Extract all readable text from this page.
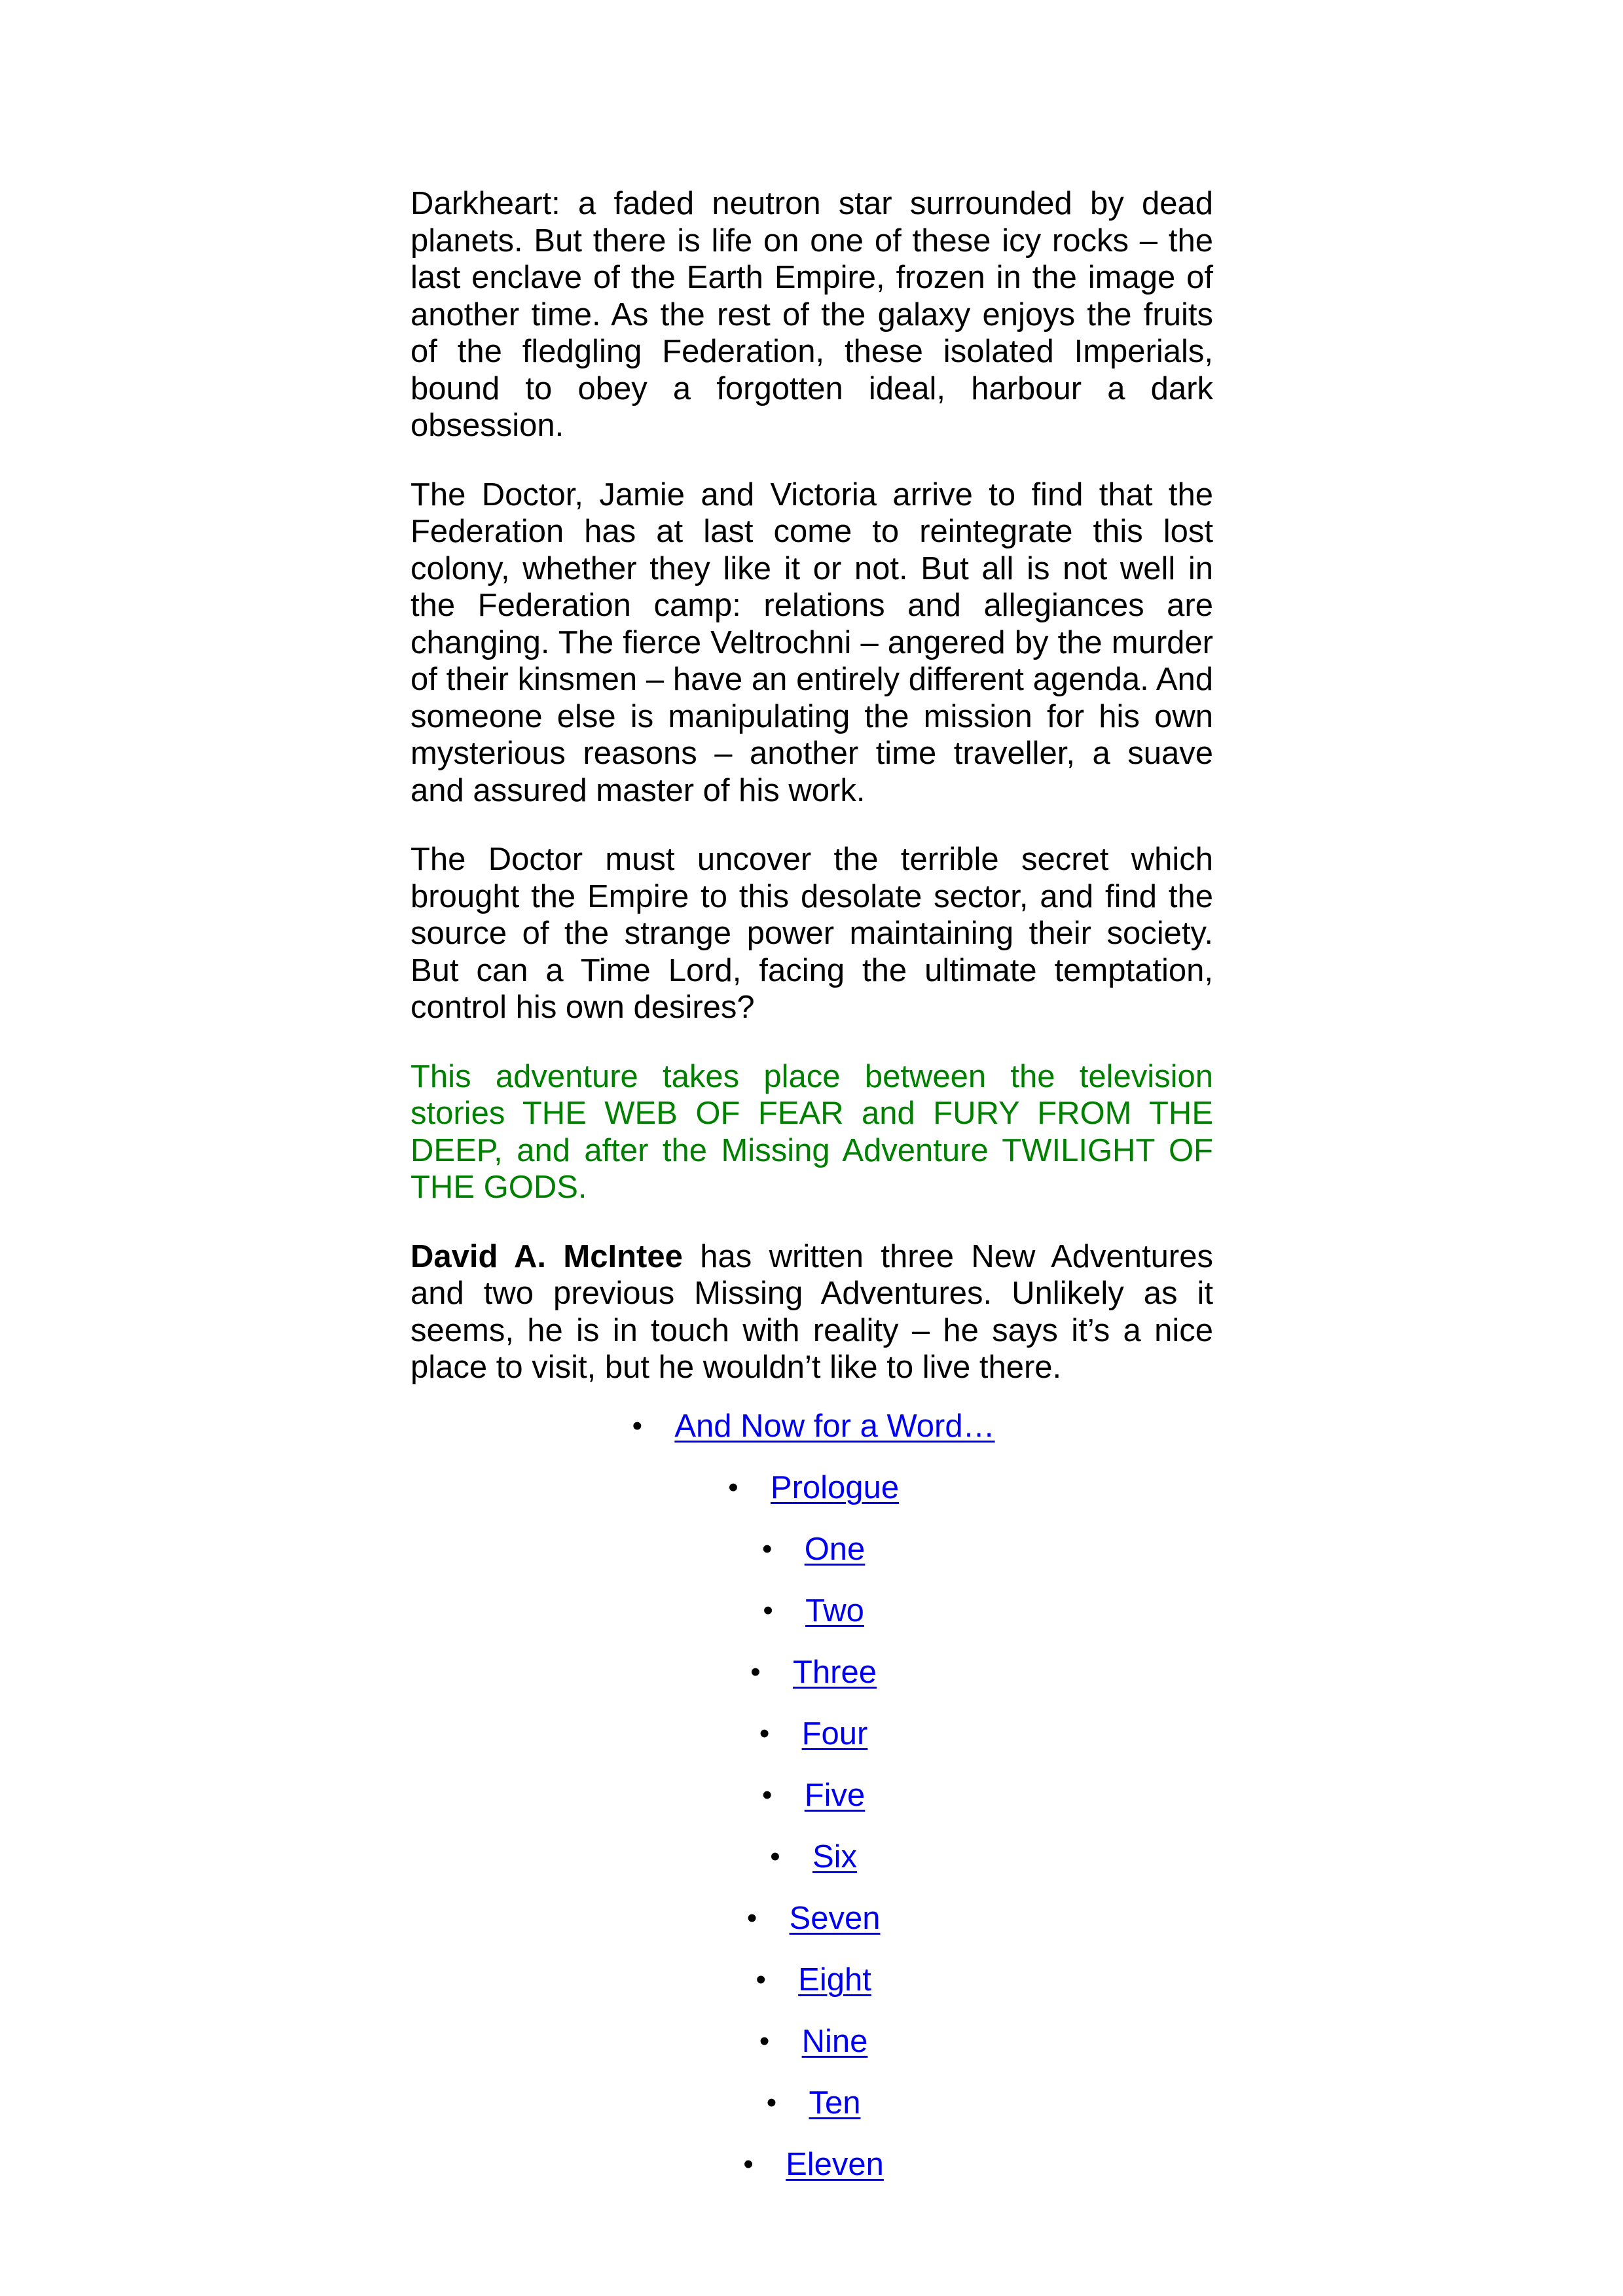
Darkheart: a faded neutron star surrounded by dead planets. But there is life on one of these icy rocks – the last enclave of the Earth Empire, frozen in the image of another time. As the rest of the galaxy enjoys the fruits of the fledgling Federation, these isolated Imperials, bound to obey a forgotten ideal, harbour a dark obsession.

The Doctor, Jamie and Victoria arrive to find that the Federation has at last come to reintegrate this lost colony, whether they like it or not. But all is not well in the Federation camp: relations and allegiances are changing. The fierce Veltrochni – angered by the murder of their kinsmen – have an entirely different agenda. And someone else is manipulating the mission for his own mysterious reasons – another time traveller, a suave and assured master of his work.

The Doctor must uncover the terrible secret which brought the Empire to this desolate sector, and find the source of the strange power maintaining their society. But can a Time Lord, facing the ultimate temptation, control his own desires?

This adventure takes place between the television stories THE WEB OF FEAR and FURY FROM THE DEEP, and after the Missing Adventure TWILIGHT OF THE GODS.

David A. McIntee has written three New Adventures and two previous Missing Adventures. Unlikely as it seems, he is in touch with reality – he says it’s a nice place to visit, but he wouldn’t like to live there.

• And Now for a Word…
• Prologue
• One
• Two
• Three
• Four
• Five
• Six
• Seven
• Eight
• Nine
• Ten
• Eleven
